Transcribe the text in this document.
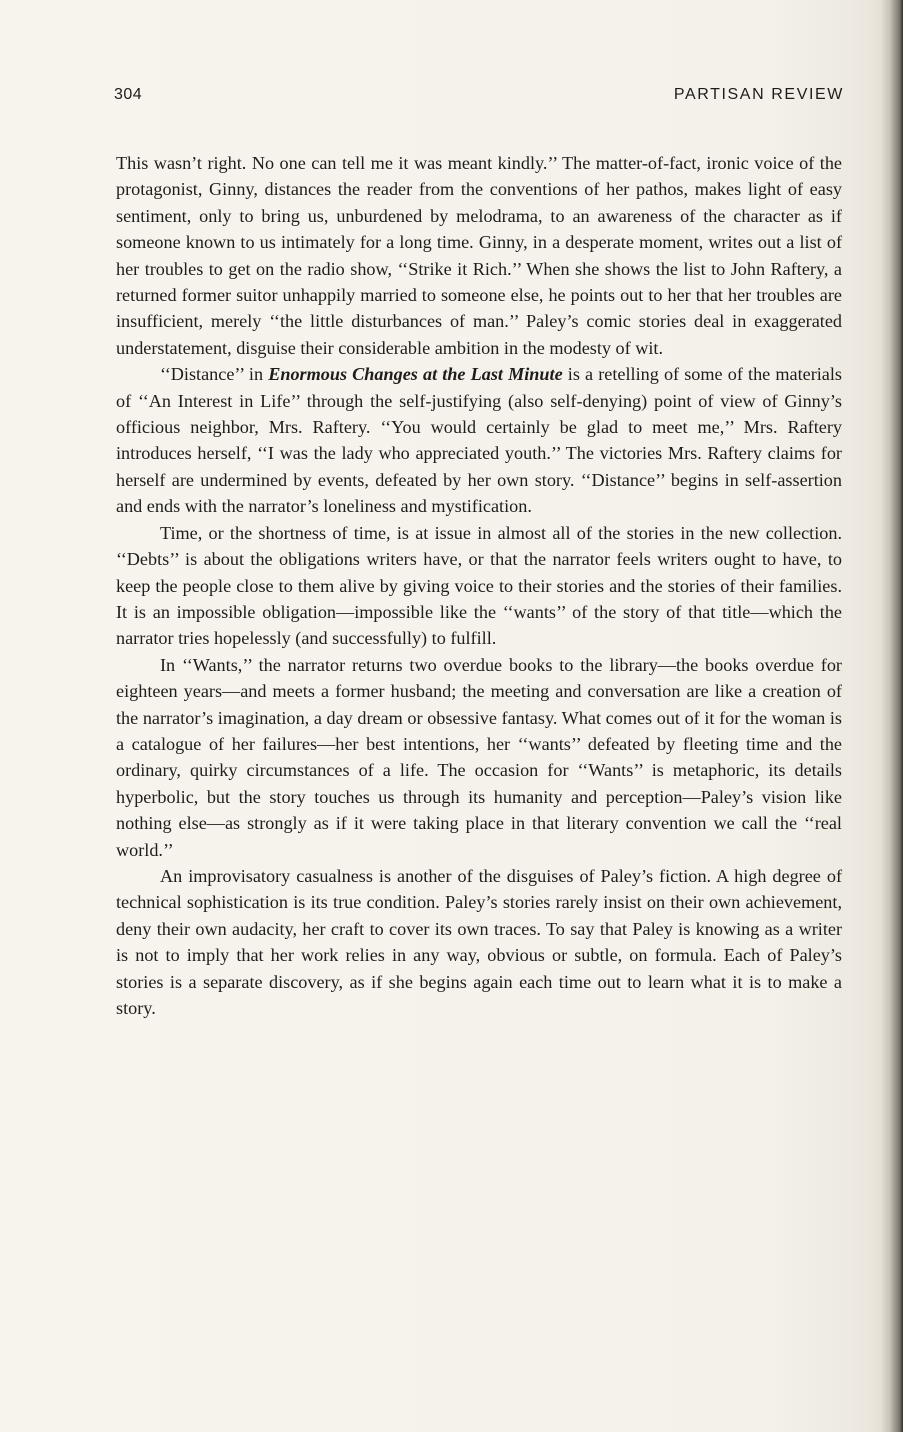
304	PARTISAN REVIEW

This wasn’t right. No one can tell me it was meant kindly.’’ The matter-of-fact, ironic voice of the protagonist, Ginny, distances the reader from the conventions of her pathos, makes light of easy sentiment, only to bring us, unburdened by melodrama, to an awareness of the character as if someone known to us intimately for a long time. Ginny, in a desperate moment, writes out a list of her troubles to get on the radio show, ‘‘Strike it Rich.’’ When she shows the list to John Raftery, a returned former suitor unhappily married to someone else, he points out to her that her troubles are insufficient, merely ‘‘the little disturbances of man.’’ Paley’s comic stories deal in exaggerated understatement, disguise their considerable ambition in the modesty of wit.

‘‘Distance’’ in Enormous Changes at the Last Minute is a retelling of some of the materials of ‘‘An Interest in Life’’ through the self-justifying (also self-denying) point of view of Ginny’s officious neighbor, Mrs. Raftery. ‘‘You would certainly be glad to meet me,’’ Mrs. Raftery introduces herself, ‘‘I was the lady who appreciated youth.’’ The victories Mrs. Raftery claims for herself are undermined by events, defeated by her own story. ‘‘Distance’’ begins in self-assertion and ends with the narrator’s loneliness and mystification.

Time, or the shortness of time, is at issue in almost all of the stories in the new collection. ‘‘Debts’’ is about the obligations writers have, or that the narrator feels writers ought to have, to keep the people close to them alive by giving voice to their stories and the stories of their families. It is an impossible obligation—impossible like the ‘‘wants’’ of the story of that title—which the narrator tries hopelessly (and successfully) to fulfill.

In ‘‘Wants,’’ the narrator returns two overdue books to the library—the books overdue for eighteen years—and meets a former husband; the meeting and conversation are like a creation of the narrator’s imagination, a day dream or obsessive fantasy. What comes out of it for the woman is a catalogue of her failures—her best intentions, her ‘‘wants’’ defeated by fleeting time and the ordinary, quirky circumstances of a life. The occasion for ‘‘Wants’’ is metaphoric, its details hyperbolic, but the story touches us through its humanity and perception—Paley’s vision like nothing else—as strongly as if it were taking place in that literary convention we call the ‘‘real world.’’

An improvisatory casualness is another of the disguises of Paley’s fiction. A high degree of technical sophistication is its true condition. Paley’s stories rarely insist on their own achievement, deny their own audacity, her craft to cover its own traces. To say that Paley is knowing as a writer is not to imply that her work relies in any way, obvious or subtle, on formula. Each of Paley’s stories is a separate discovery, as if she begins again each time out to learn what it is to make a story.
